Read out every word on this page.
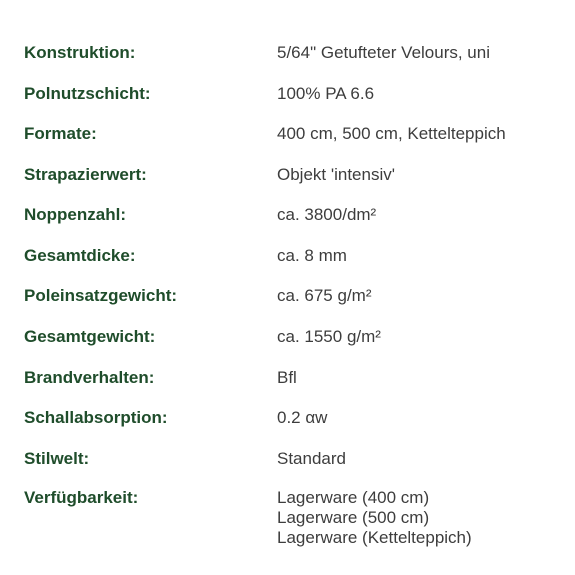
Konstruktion:	5/64" Getufteter Velours, uni
Polnutzschicht:	100% PA 6.6
Formate:	400 cm, 500 cm, Kettelteppich
Strapazierwert:	Objekt 'intensiv'
Noppenzahl:	ca. 3800/dm²
Gesamtdicke:	ca. 8 mm
Poleinsatzgewicht:	ca. 675 g/m²
Gesamtgewicht:	ca. 1550 g/m²
Brandverhalten:	Bfl
Schallabsorption:	0.2 αw
Stilwelt:	Standard
Verfügbarkeit:	Lagerware (400 cm)
Lagerware (500 cm)
Lagerware (Kettelteppich)
